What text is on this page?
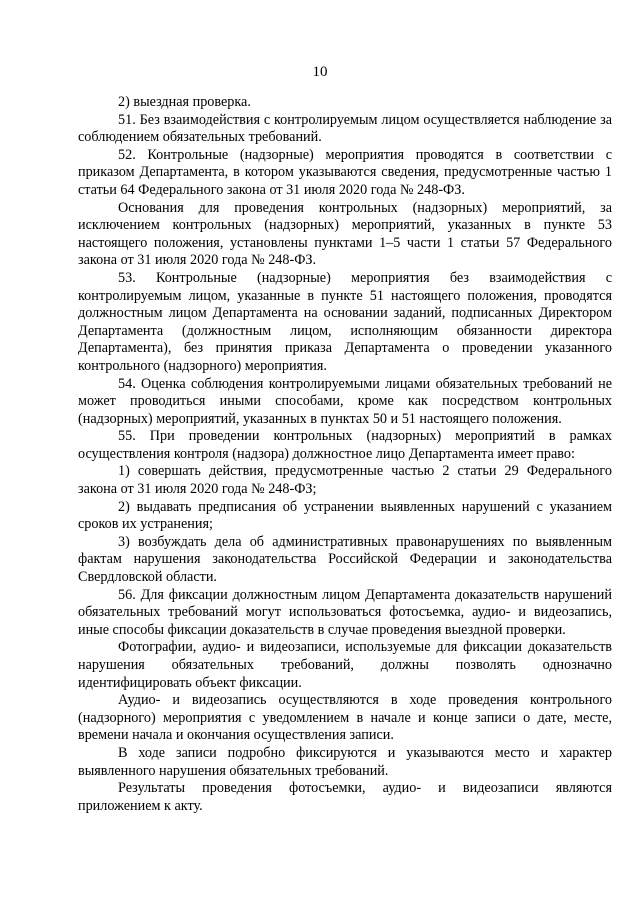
10

2) выездная проверка.

51. Без взаимодействия с контролируемым лицом осуществляется наблюдение за соблюдением обязательных требований.

52. Контрольные (надзорные) мероприятия проводятся в соответствии с приказом Департамента, в котором указываются сведения, предусмотренные частью 1 статьи 64 Федерального закона от 31 июля 2020 года № 248-ФЗ.

Основания для проведения контрольных (надзорных) мероприятий, за исключением контрольных (надзорных) мероприятий, указанных в пункте 53 настоящего положения, установлены пунктами 1–5 части 1 статьи 57 Федерального закона от 31 июля 2020 года № 248-ФЗ.

53. Контрольные (надзорные) мероприятия без взаимодействия с контролируемым лицом, указанные в пункте 51 настоящего положения, проводятся должностным лицом Департамента на основании заданий, подписанных Директором Департамента (должностным лицом, исполняющим обязанности директора Департамента), без принятия приказа Департамента о проведении указанного контрольного (надзорного) мероприятия.

54. Оценка соблюдения контролируемыми лицами обязательных требований не может проводиться иными способами, кроме как посредством контрольных (надзорных) мероприятий, указанных в пунктах 50 и 51 настоящего положения.

55. При проведении контрольных (надзорных) мероприятий в рамках осуществления контроля (надзора) должностное лицо Департамента имеет право:

1) совершать действия, предусмотренные частью 2 статьи 29 Федерального закона от 31 июля 2020 года № 248-ФЗ;

2) выдавать предписания об устранении выявленных нарушений с указанием сроков их устранения;

3) возбуждать дела об административных правонарушениях по выявленным фактам нарушения законодательства Российской Федерации и законодательства Свердловской области.

56. Для фиксации должностным лицом Департамента доказательств нарушений обязательных требований могут использоваться фотосъемка, аудио- и видеозапись, иные способы фиксации доказательств в случае проведения выездной проверки.

Фотографии, аудио- и видеозаписи, используемые для фиксации доказательств нарушения обязательных требований, должны позволять однозначно идентифицировать объект фиксации.

Аудио- и видеозапись осуществляются в ходе проведения контрольного (надзорного) мероприятия с уведомлением в начале и конце записи о дате, месте, времени начала и окончания осуществления записи.

В ходе записи подробно фиксируются и указываются место и характер выявленного нарушения обязательных требований.

Результаты проведения фотосъемки, аудио- и видеозаписи являются приложением к акту.
